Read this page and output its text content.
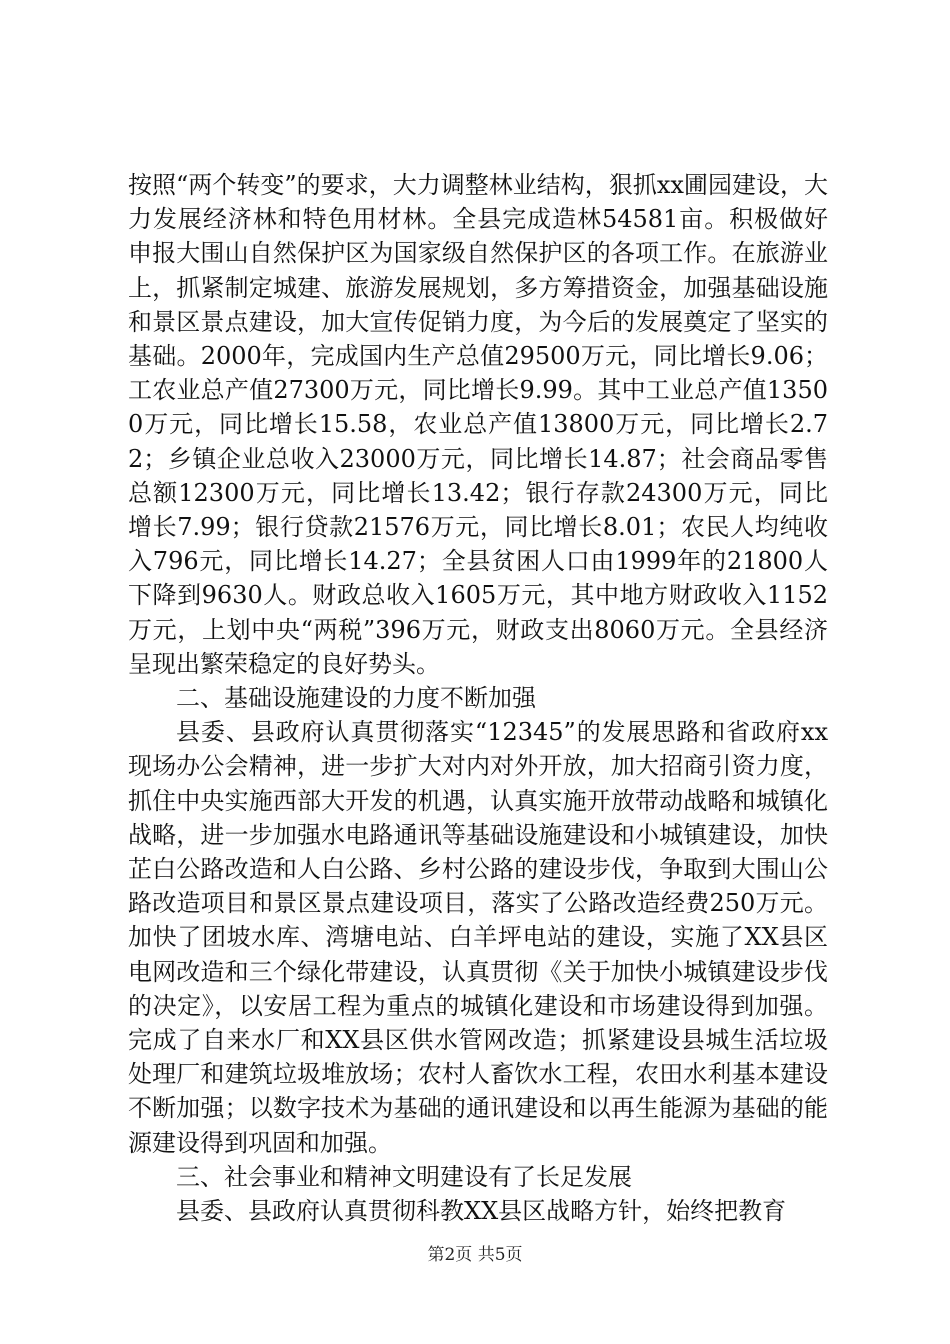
按照“两个转变”的要求，大力调整林业结构，狠抓xx圃园建设，大力发展经济林和特色用材林。全县完成造林54581亩。积极做好申报大围山自然保护区为国家级自然保护区的各项工作。在旅游业上，抓紧制定城建、旅游发展规划，多方筹措资金，加强基础设施和景区景点建设，加大宣传促销力度，为今后的发展奠定了坚实的基础。2000年，完成国内生产总值29500万元，同比增长9.06；工农业总产值27300万元，同比增长9.99。其中工业总产值13500万元，同比增长15.58，农业总产值13800万元，同比增长2.72；乡镇企业总收入23000万元，同比增长14.87；社会商品零售总额12300万元，同比增长13.42；银行存款24300万元，同比增长7.99；银行贷款21576万元，同比增长8.01；农民人均纯收入796元，同比增长14.27；全县贫困人口由1999年的21800人下降到9630人。财政总收入1605万元，其中地方财政收入1152万元，上划中央“两税”396万元，财政支出8060万元。全县经济呈现出繁荣稳定的良好势头。

二、基础设施建设的力度不断加强

县委、县政府认真贯彻落实“12345”的发展思路和省政府xx现场办公会精神，进一步扩大对内对外开放，加大招商引资力度，抓住中央实施西部大开发的机遇，认真实施开放带动战略和城镇化战略，进一步加强水电路通讯等基础设施建设和小城镇建设，加快芷白公路改造和人白公路、乡村公路的建设步伐，争取到大围山公路改造项目和景区景点建设项目，落实了公路改造经费250万元。加快了团坡水库、湾塘电站、白羊坪电站的建设，实施了XX县区电网改造和三个绿化带建设，认真贯彻《关于加快小城镇建设步伐的决定》，以安居工程为重点的城镇化建设和市场建设得到加强。完成了自来水厂和XX县区供水管网改造；抓紧建设县城生活垃圾处理厂和建筑垃圾堆放场；农村人畜饮水工程，农田水利基本建设不断加强；以数字技术为基础的通讯建设和以再生能源为基础的能源建设得到巩固和加强。

三、社会事业和精神文明建设有了长足发展

县委、县政府认真贯彻科教XX县区战略方针，始终把教育

第2页 共5页
